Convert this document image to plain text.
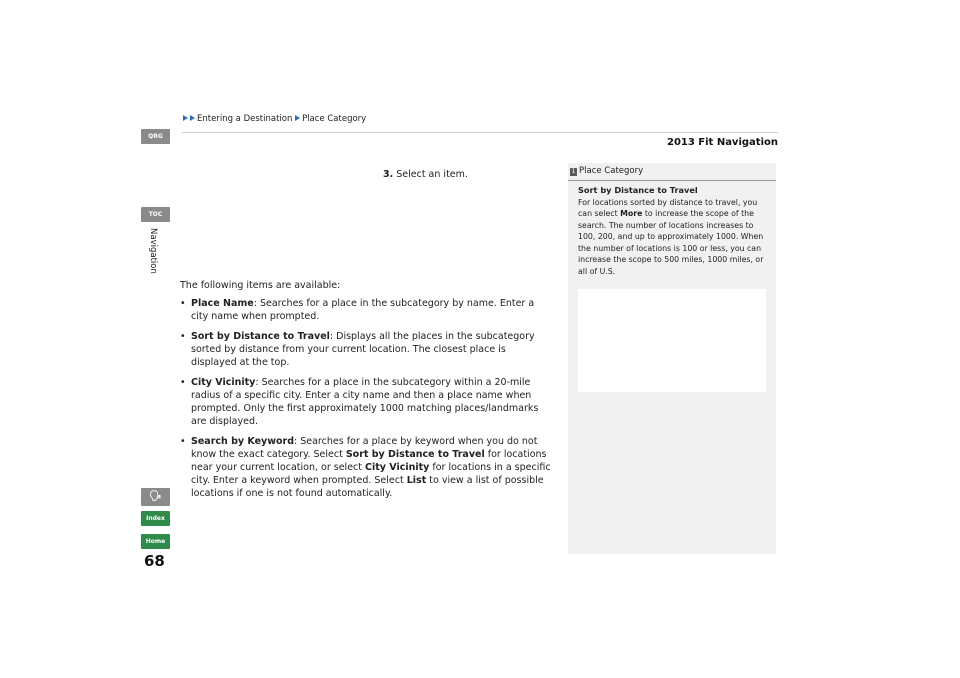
Entering a Destination Place Category
2013 Fit Navigation
QRG
TOC
Navigation
🗣
Index
Home
68
3. Select an item.
The following items are available:
• Place Name: Searches for a place in the subcategory by name. Enter a city name when prompted.
• Sort by Distance to Travel: Displays all the places in the subcategory sorted by distance from your current location. The closest place is displayed at the top.
• City Vicinity: Searches for a place in the subcategory within a 20-mile radius of a specific city. Enter a city name and then a place name when prompted. Only the first approximately 1000 matching places/landmarks are displayed.
• Search by Keyword: Searches for a place by keyword when you do not know the exact category. Select Sort by Distance to Travel for locations near your current location, or select City Vicinity for locations in a specific city. Enter a keyword when prompted. Select List to view a list of possible locations if one is not found automatically.
1 Place Category
Sort by Distance to Travel
For locations sorted by distance to travel, you can select More to increase the scope of the search. The number of locations increases to 100, 200, and up to approximately 1000. When the number of locations is 100 or less, you can increase the scope to 500 miles, 1000 miles, or all of U.S.
